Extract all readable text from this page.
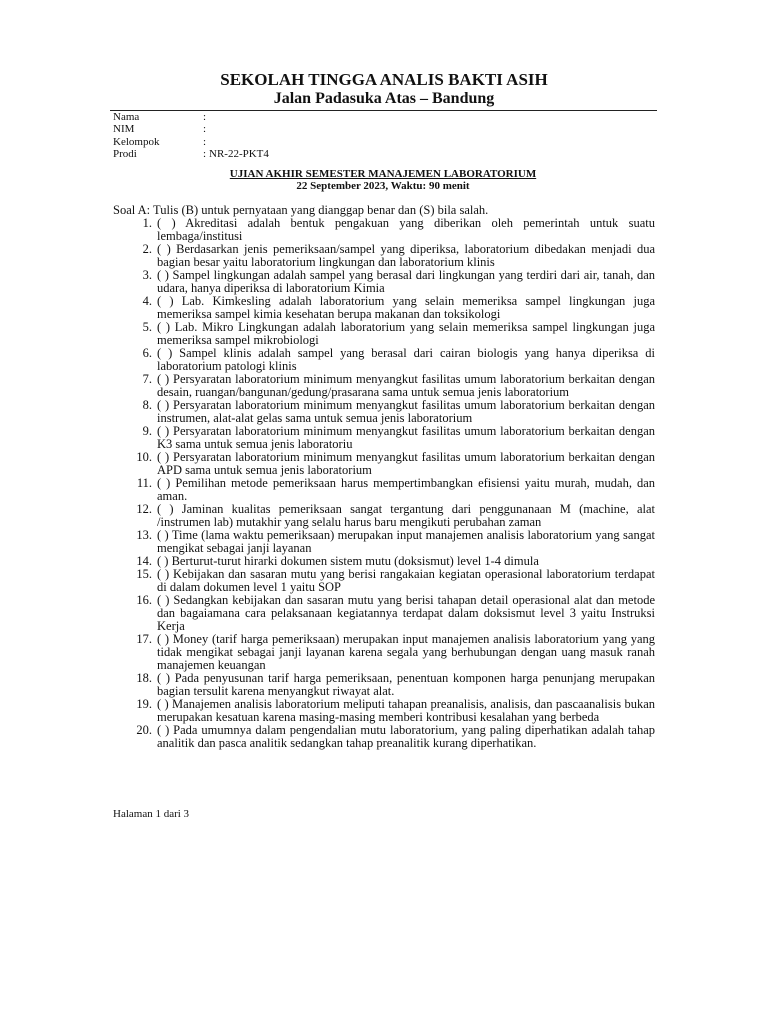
SEKOLAH TINGGA ANALIS BAKTI ASIH
Jalan Padasuka Atas – Bandung
Nama	:
NIM	:
Kelompok	:
Prodi	: NR-22-PKT4
UJIAN AKHIR SEMESTER MANAJEMEN LABORATORIUM
22 September 2023, Waktu: 90 menit
Soal A: Tulis (B) untuk pernyataan yang dianggap benar dan (S) bila salah.
1. ( ) Akreditasi adalah bentuk pengakuan yang diberikan oleh pemerintah untuk suatu lembaga/institusi
2. ( ) Berdasarkan jenis pemeriksaan/sampel yang diperiksa, laboratorium dibedakan menjadi dua bagian besar yaitu laboratorium lingkungan dan laboratorium klinis
3. ( ) Sampel lingkungan adalah sampel yang berasal dari lingkungan yang terdiri dari air, tanah, dan udara, hanya diperiksa di laboratorium Kimia
4. ( ) Lab. Kimkesling adalah laboratorium yang selain memeriksa sampel lingkungan juga memeriksa sampel kimia kesehatan berupa makanan dan toksikologi
5. ( ) Lab. Mikro Lingkungan adalah laboratorium yang selain memeriksa sampel lingkungan juga memeriksa sampel mikrobiologi
6. ( ) Sampel klinis adalah sampel yang berasal dari cairan biologis yang hanya diperiksa di laboratorium patologi klinis
7. ( ) Persyaratan laboratorium minimum menyangkut fasilitas umum laboratorium berkaitan dengan desain, ruangan/bangunan/gedung/prasarana sama untuk semua jenis laboratorium
8. ( ) Persyaratan laboratorium minimum menyangkut fasilitas umum laboratorium berkaitan dengan instrumen, alat-alat gelas sama untuk semua jenis laboratorium
9. ( ) Persyaratan laboratorium minimum menyangkut fasilitas umum laboratorium berkaitan dengan K3 sama untuk semua jenis laboratoriu
10. ( ) Persyaratan laboratorium minimum menyangkut fasilitas umum laboratorium berkaitan dengan APD sama untuk semua jenis laboratorium
11. ( ) Pemilihan metode pemeriksaan harus mempertimbangkan efisiensi yaitu murah, mudah, dan aman.
12. ( ) Jaminan kualitas pemeriksaan sangat tergantung dari penggunanaan M (machine, alat /instrumen lab) mutakhir yang selalu harus baru mengikuti perubahan zaman
13. ( ) Time (lama waktu pemeriksaan) merupakan input manajemen analisis laboratorium yang sangat mengikat sebagai janji layanan
14. ( ) Berturut-turut hirarki dokumen sistem mutu (doksismut) level 1-4 dimula
15. ( ) Kebijakan dan sasaran mutu yang berisi rangakaian kegiatan operasional laboratorium terdapat di dalam dokumen level 1 yaitu SOP
16. ( ) Sedangkan kebijakan dan sasaran mutu yang berisi tahapan detail operasional alat dan metode dan bagaiamana cara pelaksanaan kegiatannya terdapat dalam doksismut level 3 yaitu Instruksi Kerja
17. ( ) Money (tarif harga pemeriksaan) merupakan input manajemen analisis laboratorium yang yang tidak mengikat sebagai janji layanan karena segala yang berhubungan dengan uang masuk ranah manajemen keuangan
18. ( ) Pada penyusunan tarif harga pemeriksaan, penentuan komponen harga penunjang merupakan bagian tersulit karena menyangkut riwayat alat.
19. ( ) Manajemen analisis laboratorium meliputi tahapan preanalisis, analisis, dan pascaanalisis bukan merupakan kesatuan karena masing-masing memberi kontribusi kesalahan yang berbeda
20. ( ) Pada umumnya dalam pengendalian mutu laboratorium, yang paling diperhatikan adalah tahap analitik dan pasca analitik sedangkan tahap preanalitik kurang diperhatikan.
Halaman 1 dari 3
